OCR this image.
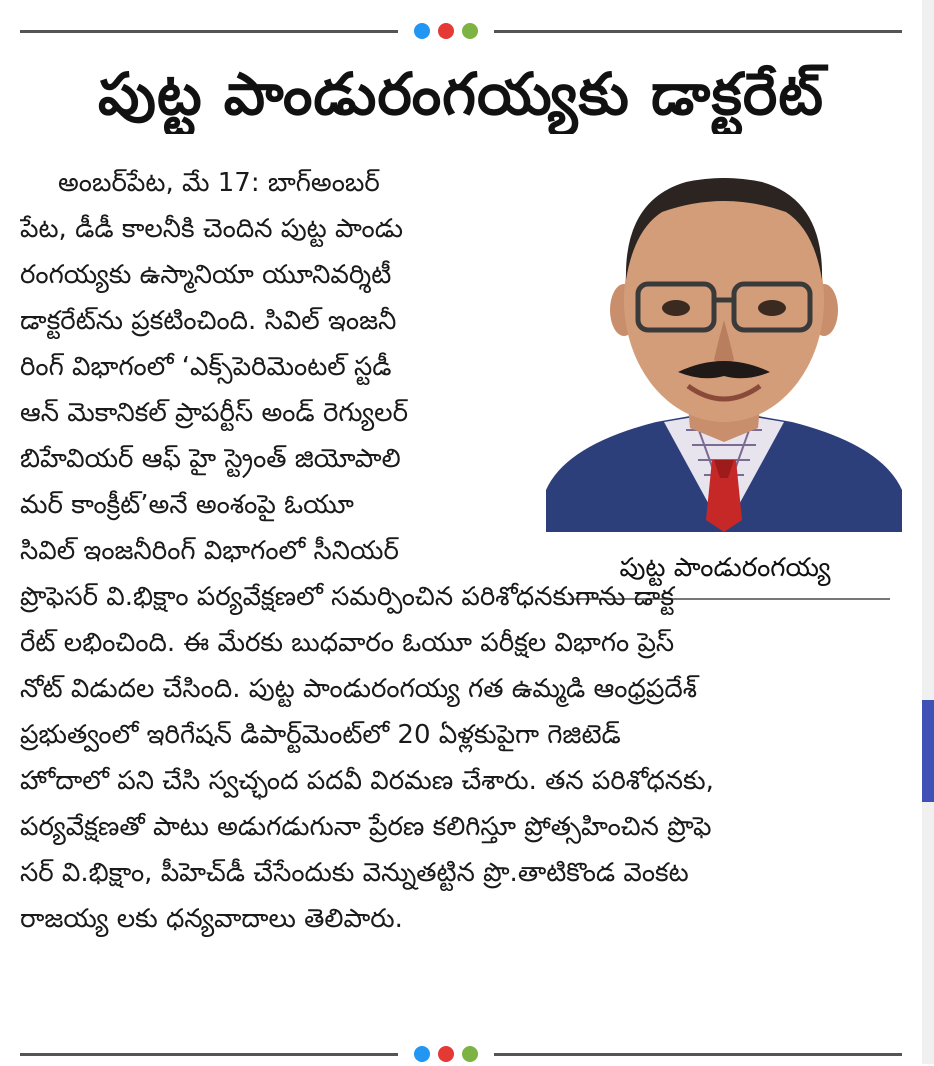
పుట్ట పాండురంగయ్యకు డాక్టరేట్
పుట్ట పాండురంగయ్య
అంబర్‌పేట, మే 17: బాగ్‌అంబర్
పేట, డీడీ కాలనీకి చెందిన పుట్ట పాండు
రంగయ్యకు ఉస్మానియా యూనివర్శిటీ
డాక్టరేట్‌ను ప్రకటించింది. సివిల్ ఇంజనీ
రింగ్ విభాగంలో ‘ఎక్స్‌పెరిమెంటల్ స్టడీ
ఆన్ మెకానికల్ ప్రాపర్టీస్ అండ్ రెగ్యులర్
బిహేవియర్ ఆఫ్ హై స్ట్రెంత్ జియోపాలి
మర్ కాంక్రీట్’అనే అంశంపై ఓయూ
సివిల్ ఇంజనీరింగ్ విభాగంలో సీనియర్
ప్రొఫెసర్ వి.భిక్షాం పర్యవేక్షణలో సమర్పించిన పరిశోధనకుగాను డాక్ట
రేట్ లభించింది. ఈ మేరకు బుధవారం ఓయూ పరీక్షల విభాగం ప్రెస్
నోట్ విడుదల చేసింది. పుట్ట పాండురంగయ్య గత ఉమ్మడి ఆంధ్రప్రదేశ్
ప్రభుత్వంలో ఇరిగేషన్ డిపార్ట్‌మెంట్‌లో 20 ఏళ్లకుపైగా గెజిటెడ్
హోదాలో పని చేసి స్వచ్ఛంద పదవీ విరమణ చేశారు. తన పరిశోధనకు,
పర్యవేక్షణతో పాటు అడుగడుగునా ప్రేరణ కలిగిస్తూ ప్రోత్సహించిన ప్రొఫె
సర్ వి.భిక్షాం, పీహెచ్‌డీ చేసేందుకు వెన్నుతట్టిన ప్రొ.తాటికొండ వెంకట
రాజయ్య లకు ధన్యవాదాలు తెలిపారు.
